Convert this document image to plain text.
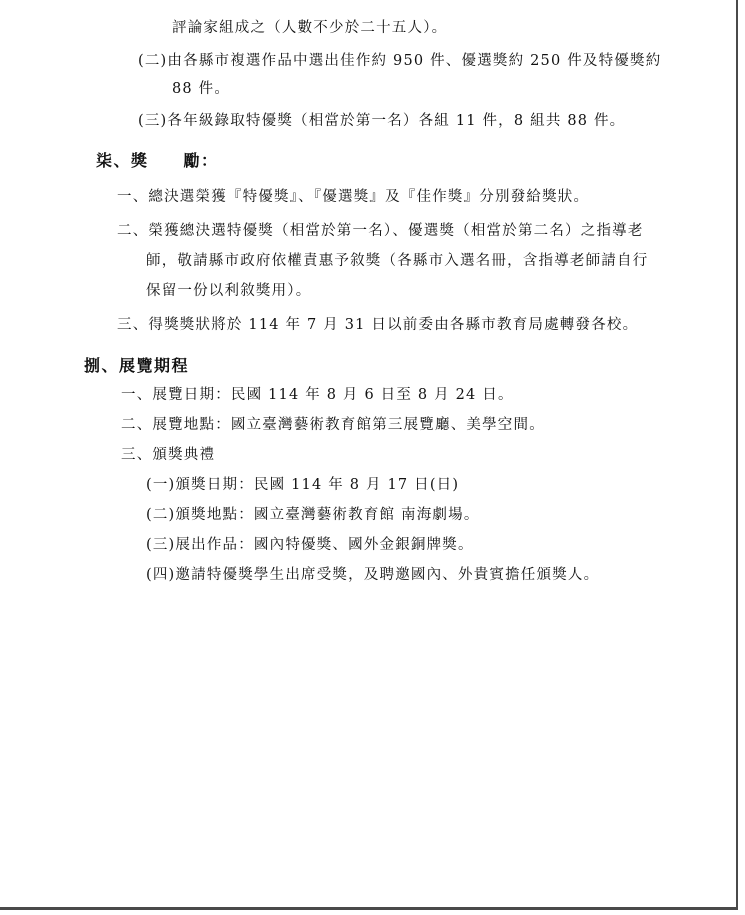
評論家組成之（人數不少於二十五人）。
(二)由各縣市複選作品中選出佳作約 950 件、優選獎約 250 件及特優獎約
88 件。
(三)各年級錄取特優獎（相當於第一名）各組 11 件，8 組共 88 件。
柒、獎　　勵：
一、總決選榮獲『特優獎』、『優選獎』及『佳作獎』分別發給獎狀。
二、榮獲總決選特優獎（相當於第一名）、優選獎（相當於第二名）之指導老
師，敬請縣市政府依權責惠予敘獎（各縣市入選名冊，含指導老師請自行
保留一份以利敘獎用）。
三、得獎獎狀將於 114 年 7 月 31 日以前委由各縣市教育局處轉發各校。
捌、展覽期程
一、展覽日期：民國 114 年 8 月 6 日至 8 月 24 日。
二、展覽地點：國立臺灣藝術教育館第三展覽廳、美學空間。
三、頒獎典禮
(一)頒獎日期：民國 114 年 8 月 17 日(日)
(二)頒獎地點：國立臺灣藝術教育館 南海劇場。
(三)展出作品：國內特優獎、國外金銀銅牌獎。
(四)邀請特優獎學生出席受獎，及聘邀國內、外貴賓擔任頒獎人。
